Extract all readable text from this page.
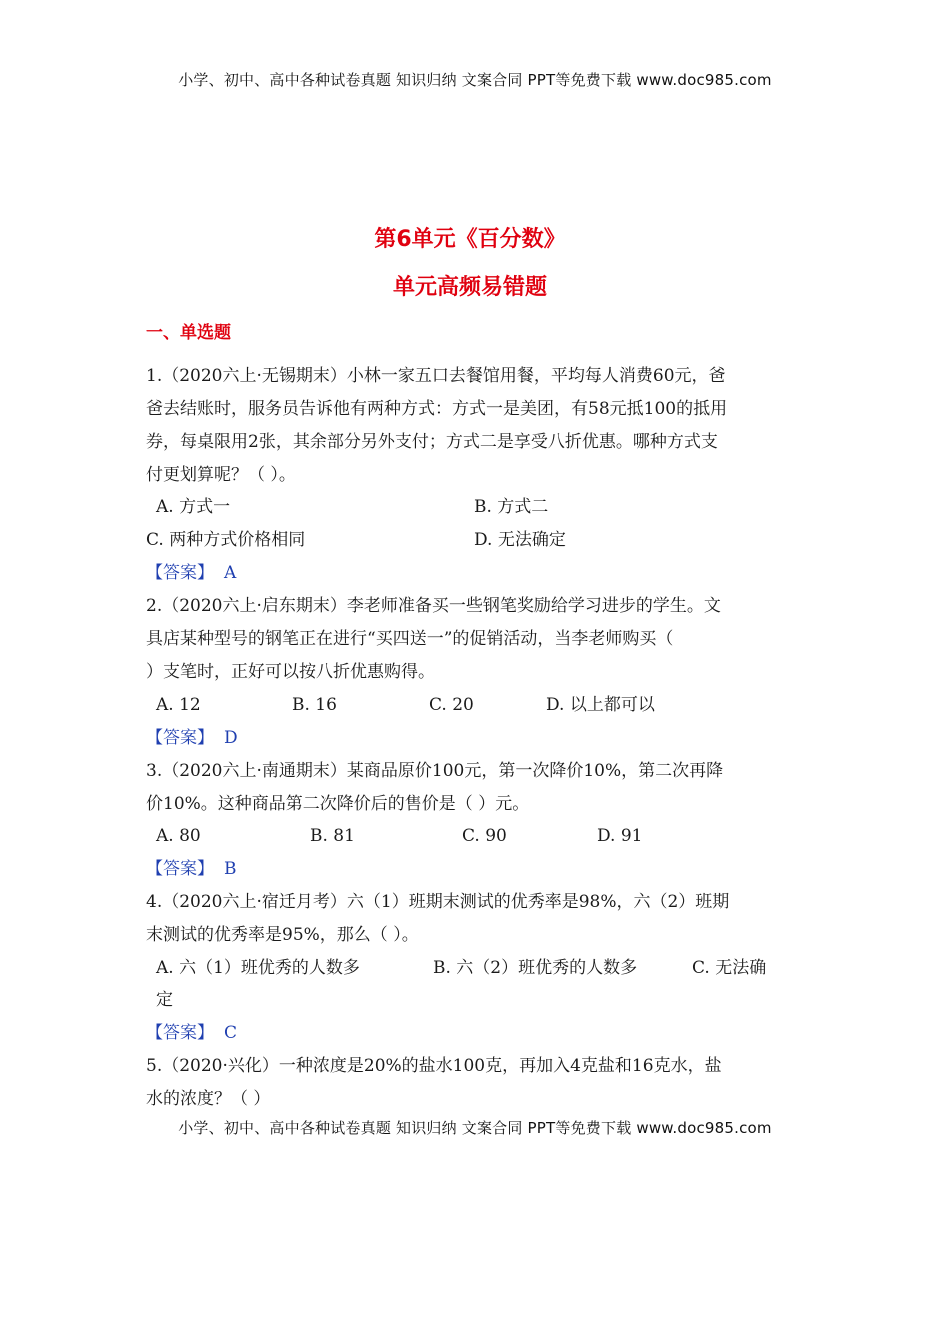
小学、初中、高中各种试卷真题 知识归纳 文案合同 PPT等免费下载 www.doc985.com
第6单元《百分数》
单元高频易错题
一、单选题
1.（2020六上·无锡期末）小林一家五口去餐馆用餐，平均每人消费60元，爸
爸去结账时，服务员告诉他有两种方式：方式一是美团，有58元抵100的抵用
券，每桌限用2张，其余部分另外支付；方式二是享受八折优惠。哪种方式支
付更划算呢？（ ）。
A. 方式一	B. 方式二
C. 两种方式价格相同	D. 无法确定
【答案】 A
2.（2020六上·启东期末）李老师准备买一些钢笔奖励给学习进步的学生。文
具店某种型号的钢笔正在进行“买四送一”的促销活动，当李老师购买（
）支笔时，正好可以按八折优惠购得。
A. 12	B. 16	C. 20	D. 以上都可以
【答案】 D
3.（2020六上·南通期末）某商品原价100元，第一次降价10%，第二次再降
价10%。这种商品第二次降价后的售价是（ ）元。
A. 80	B. 81	C. 90	D. 91
【答案】 B
4.（2020六上·宿迁月考）六（1）班期末测试的优秀率是98%，六（2）班期
末测试的优秀率是95%，那么（ ）。
A. 六（1）班优秀的人数多	B. 六（2）班优秀的人数多	C. 无法确
定
【答案】 C
5.（2020·兴化）一种浓度是20%的盐水100克，再加入4克盐和16克水，盐
水的浓度？（ ）
小学、初中、高中各种试卷真题 知识归纳 文案合同 PPT等免费下载 www.doc985.com
